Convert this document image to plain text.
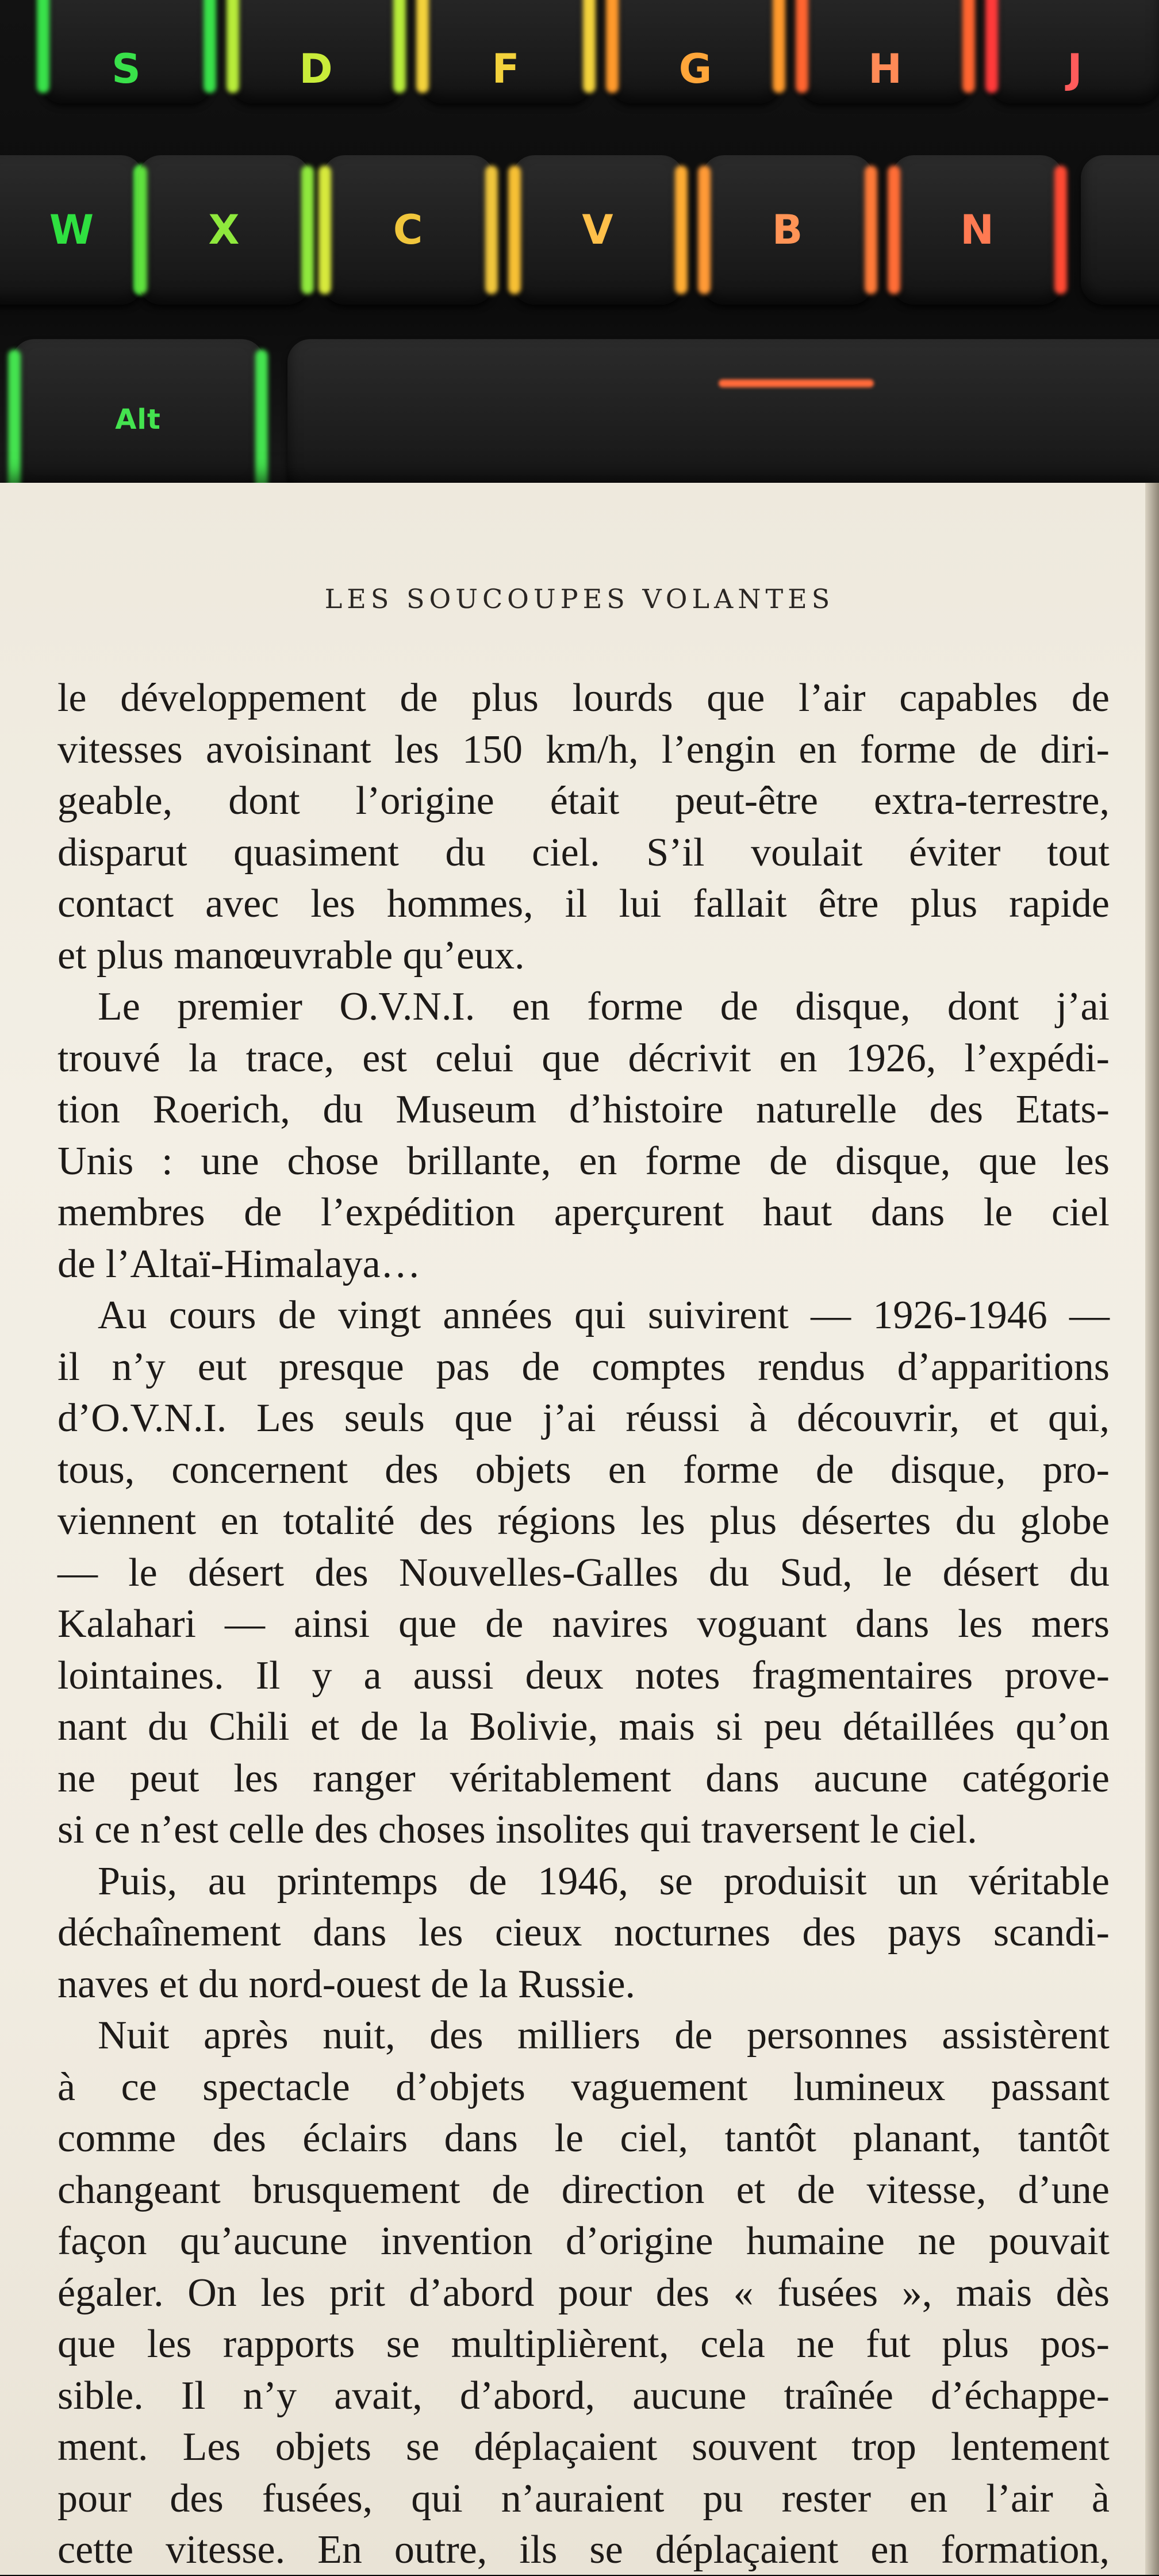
S	D	F	G	H	J
W	X	C	V	B	N
Alt
LES SOUCOUPES VOLANTES
le développement de plus lourds que l’air capables de
vitesses avoisinant les 150 km/h, l’engin en forme de diri-
geable, dont l’origine était peut-être extra-terrestre,
disparut quasiment du ciel. S’il voulait éviter tout
contact avec les hommes, il lui fallait être plus rapide
et plus manœuvrable qu’eux.
Le premier O.V.N.I. en forme de disque, dont j’ai
trouvé la trace, est celui que décrivit en 1926, l’expédi-
tion Roerich, du Museum d’histoire naturelle des Etats-
Unis : une chose brillante, en forme de disque, que les
membres de l’expédition aperçurent haut dans le ciel
de l’Altaï-Himalaya…
Au cours de vingt années qui suivirent — 1926-1946 —
il n’y eut presque pas de comptes rendus d’apparitions
d’O.V.N.I. Les seuls que j’ai réussi à découvrir, et qui,
tous, concernent des objets en forme de disque, pro-
viennent en totalité des régions les plus désertes du globe
— le désert des Nouvelles-Galles du Sud, le désert du
Kalahari — ainsi que de navires voguant dans les mers
lointaines. Il y a aussi deux notes fragmentaires prove-
nant du Chili et de la Bolivie, mais si peu détaillées qu’on
ne peut les ranger véritablement dans aucune catégorie
si ce n’est celle des choses insolites qui traversent le ciel.
Puis, au printemps de 1946, se produisit un véritable
déchaînement dans les cieux nocturnes des pays scandi-
naves et du nord-ouest de la Russie.
Nuit après nuit, des milliers de personnes assistèrent
à ce spectacle d’objets vaguement lumineux passant
comme des éclairs dans le ciel, tantôt planant, tantôt
changeant brusquement de direction et de vitesse, d’une
façon qu’aucune invention d’origine humaine ne pouvait
égaler. On les prit d’abord pour des « fusées », mais dès
que les rapports se multiplièrent, cela ne fut plus pos-
sible. Il n’y avait, d’abord, aucune traînée d’échappe-
ment. Les objets se déplaçaient souvent trop lentement
pour des fusées, qui n’auraient pu rester en l’air à
cette vitesse. En outre, ils se déplaçaient en formation,
